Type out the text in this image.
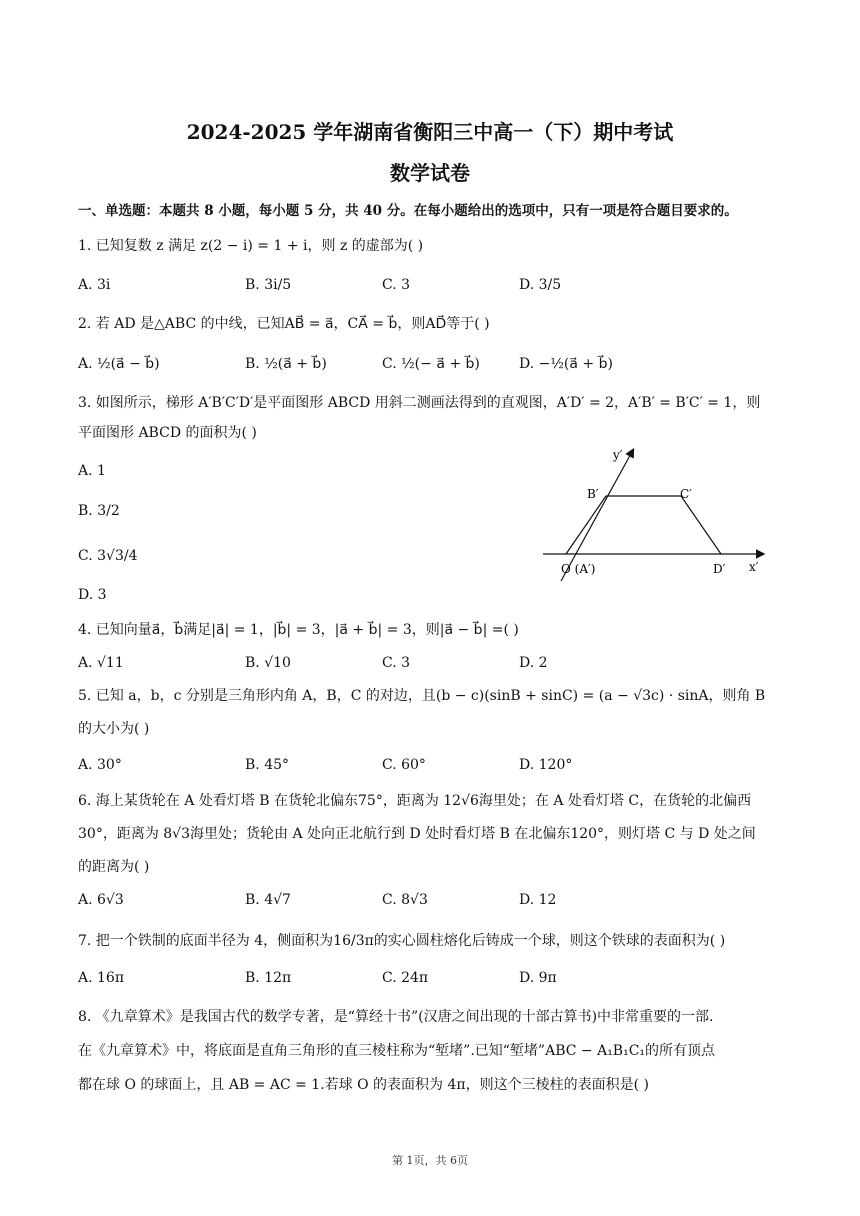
2024-2025 学年湖南省衡阳三中高一（下）期中考试
数学试卷
一、单选题：本题共 8 小题，每小题 5 分，共 40 分。在每小题给出的选项中，只有一项是符合题目要求的。
1. 已知复数 z 满足 z(2 − i) = 1 + i，则 z 的虚部为( )
A. 3i	B. 3i/5	C. 3	D. 3/5
2. 若 AD 是△ABC 的中线，已知AB⃗ = a⃗，CA⃗ = b⃗，则AD⃗等于( )
A. ½(a⃗ − b⃗)	B. ½(a⃗ + b⃗)	C. ½(− a⃗ + b⃗)	D. −½(a⃗ + b⃗)
3. 如图所示，梯形 A′B′C′D′是平面图形 ABCD 用斜二测画法得到的直观图，A′D′ = 2，A′B′ = B′C′ = 1，则
平面图形 ABCD 的面积为( )
A. 1
B. 3/2
C. 3√3/4
D. 3
y′
x′
B′	C′
D′
O (A′)
4. 已知向量a⃗，b⃗满足|a⃗| = 1，|b⃗| = 3，|a⃗ + b⃗| = 3，则|a⃗ − b⃗| =( )
A. √11	B. √10	C. 3	D. 2
5. 已知 a，b，c 分别是三角形内角 A，B，C 的对边，且(b − c)(sinB + sinC) = (a − √3c) · sinA，则角 B
的大小为( )
A. 30°	B. 45°	C. 60°	D. 120°
6. 海上某货轮在 A 处看灯塔 B 在货轮北偏东75°，距离为 12√6海里处；在 A 处看灯塔 C，在货轮的北偏西
30°，距离为 8√3海里处；货轮由 A 处向正北航行到 D 处时看灯塔 B 在北偏东120°，则灯塔 C 与 D 处之间
的距离为( )
A. 6√3	B. 4√7	C. 8√3	D. 12
7. 把一个铁制的底面半径为 4，侧面积为16/3π的实心圆柱熔化后铸成一个球，则这个铁球的表面积为( )
A. 16π	B. 12π	C. 24π	D. 9π
8. 《九章算术》是我国古代的数学专著，是“算经十书”(汉唐之间出现的十部古算书)中非常重要的一部.
在《九章算术》中，将底面是直角三角形的直三棱柱称为“堑堵”.已知“堑堵”ABC − A₁B₁C₁的所有顶点
都在球 O 的球面上，且 AB = AC = 1.若球 O 的表面积为 4π，则这个三棱柱的表面积是( )
第 1页，共 6页
